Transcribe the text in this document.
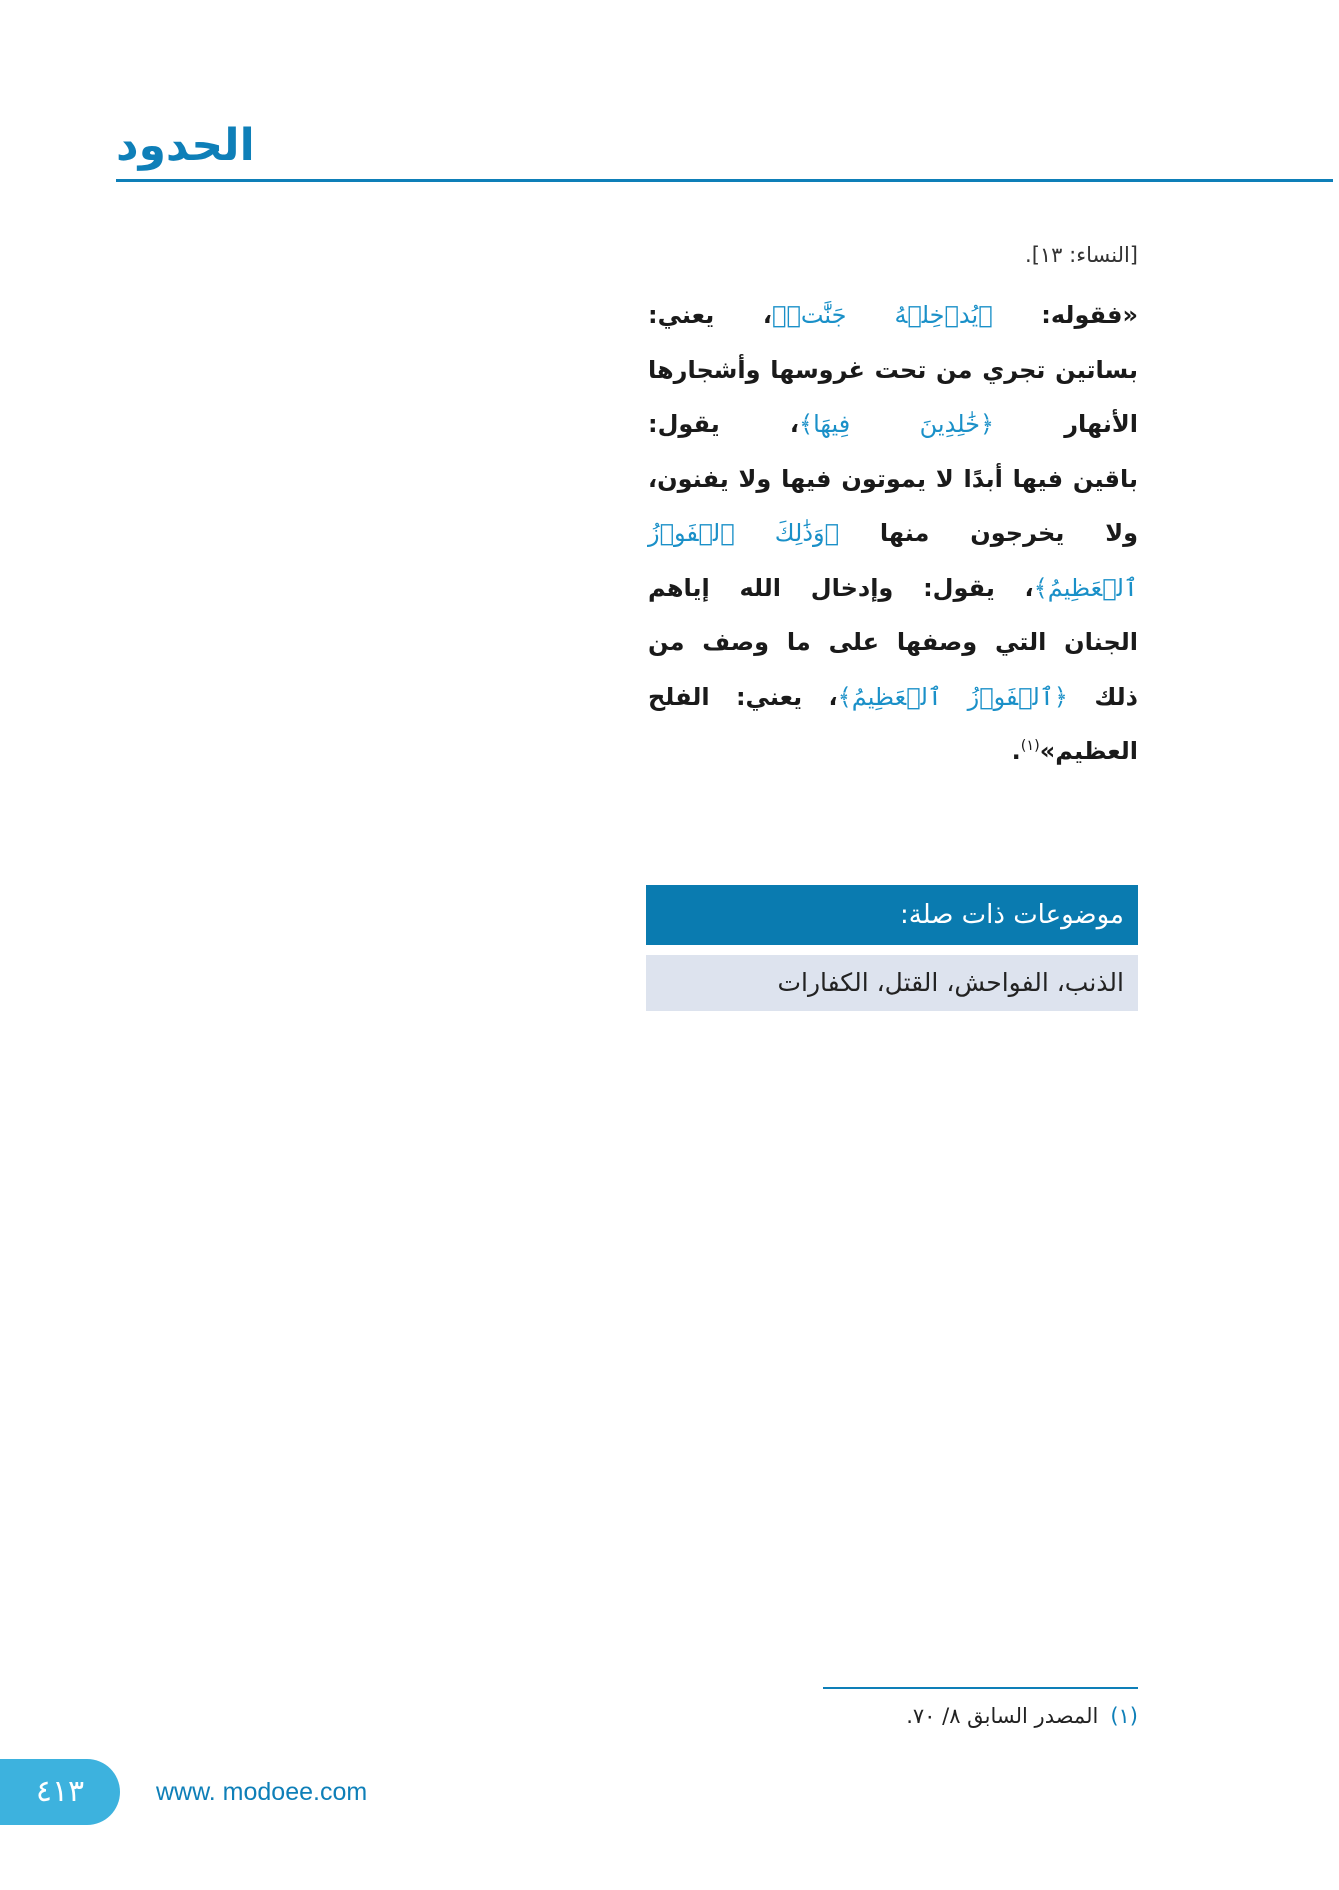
الحدود
[النساء: ١٣].
«فقوله: ﴿يُدۡخِلۡهُ جَنَّٰتٖ﴾، يعني:
بساتين تجري من تحت غروسها وأشجارها
الأنهار ﴿خَٰلِدِينَ فِيهَا﴾، يقول:
باقين فيها أبدًا لا يموتون فيها ولا يفنون،
ولا يخرجون منها ﴿وَذَٰلِكَ ٱلۡفَوۡزُ
ٱلۡعَظِيمُ﴾، يقول: وإدخال الله إياهم
الجنان التي وصفها على ما وصف من
ذلك ﴿ٱلۡفَوۡزُ ٱلۡعَظِيمُ﴾، يعني: الفلح
العظيم»$^{(١)}$.
موضوعات ذات صلة:
الذنب، الفواحش، القتل، الكفارات
(١)المصدر السابق ٨/ ٧٠.
٤١٣	www. modoee.com
